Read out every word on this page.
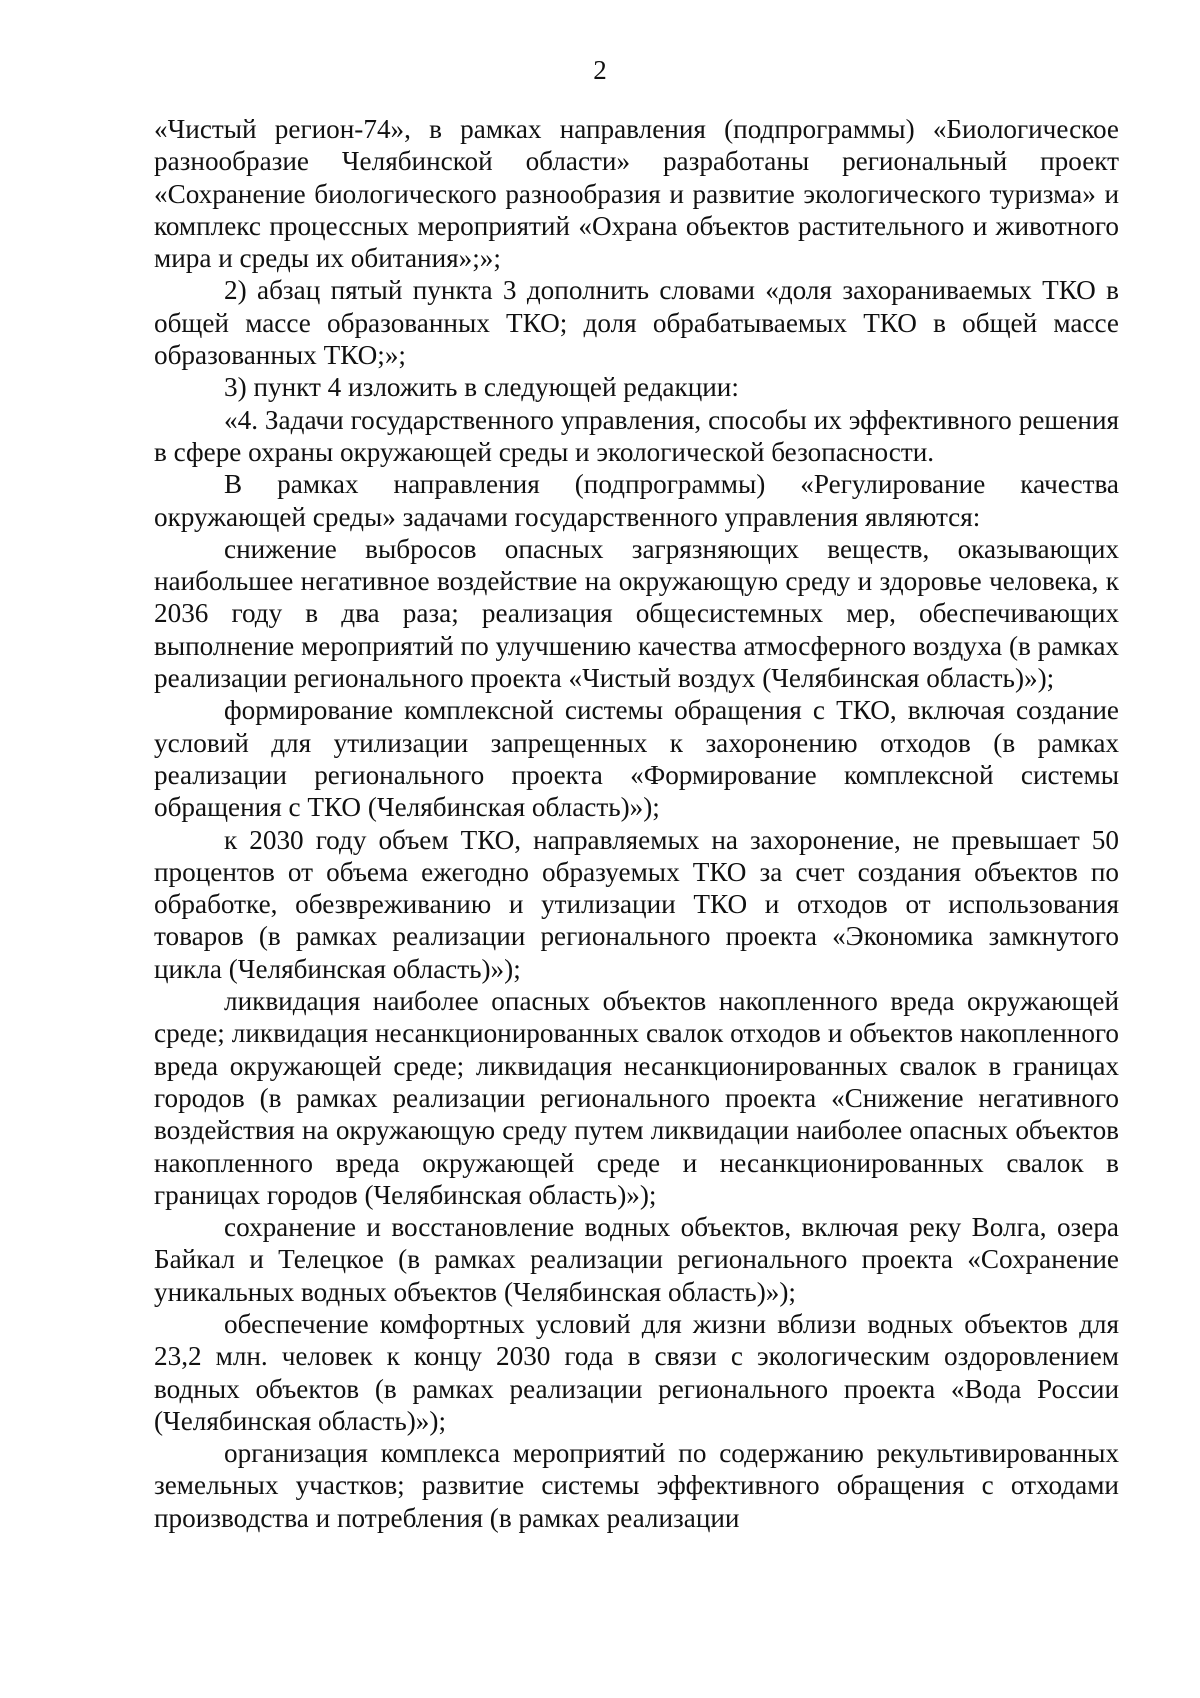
2

«Чистый регион-74», в рамках направления (подпрограммы) «Биологическое разнообразие Челябинской области» разработаны региональный проект «Сохранение биологического разнообразия и развитие экологического туризма» и комплекс процессных мероприятий «Охрана объектов растительного и животного мира и среды их обитания»;»;

2) абзац пятый пункта 3 дополнить словами «доля захораниваемых ТКО в общей массе образованных ТКО; доля обрабатываемых ТКО в общей массе образованных ТКО;»;

3) пункт 4 изложить в следующей редакции:

«4. Задачи государственного управления, способы их эффективного решения в сфере охраны окружающей среды и экологической безопасности.

В рамках направления (подпрограммы) «Регулирование качества окружающей среды» задачами государственного управления являются:

снижение выбросов опасных загрязняющих веществ, оказывающих наибольшее негативное воздействие на окружающую среду и здоровье человека, к 2036 году в два раза; реализация общесистемных мер, обеспечивающих выполнение мероприятий по улучшению качества атмосферного воздуха (в рамках реализации регионального проекта «Чистый воздух (Челябинская область)»);

формирование комплексной системы обращения с ТКО, включая создание условий для утилизации запрещенных к захоронению отходов (в рамках реализации регионального проекта «Формирование комплексной системы обращения с ТКО (Челябинская область)»);

к 2030 году объем ТКО, направляемых на захоронение, не превышает 50 процентов от объема ежегодно образуемых ТКО за счет создания объектов по обработке, обезвреживанию и утилизации ТКО и отходов от использования товаров (в рамках реализации регионального проекта «Экономика замкнутого цикла (Челябинская область)»);

ликвидация наиболее опасных объектов накопленного вреда окружающей среде; ликвидация несанкционированных свалок отходов и объектов накопленного вреда окружающей среде; ликвидация несанкционированных свалок в границах городов (в рамках реализации регионального проекта «Снижение негативного воздействия на окружающую среду путем ликвидации наиболее опасных объектов накопленного вреда окружающей среде и несанкционированных свалок в границах городов (Челябинская область)»);

сохранение и восстановление водных объектов, включая реку Волга, озера Байкал и Телецкое (в рамках реализации регионального проекта «Сохранение уникальных водных объектов (Челябинская область)»);

обеспечение комфортных условий для жизни вблизи водных объектов для 23,2 млн. человек к концу 2030 года в связи с экологическим оздоровлением водных объектов (в рамках реализации регионального проекта «Вода России (Челябинская область)»);

организация комплекса мероприятий по содержанию рекультивированных земельных участков; развитие системы эффективного обращения с отходами производства и потребления (в рамках реализации
